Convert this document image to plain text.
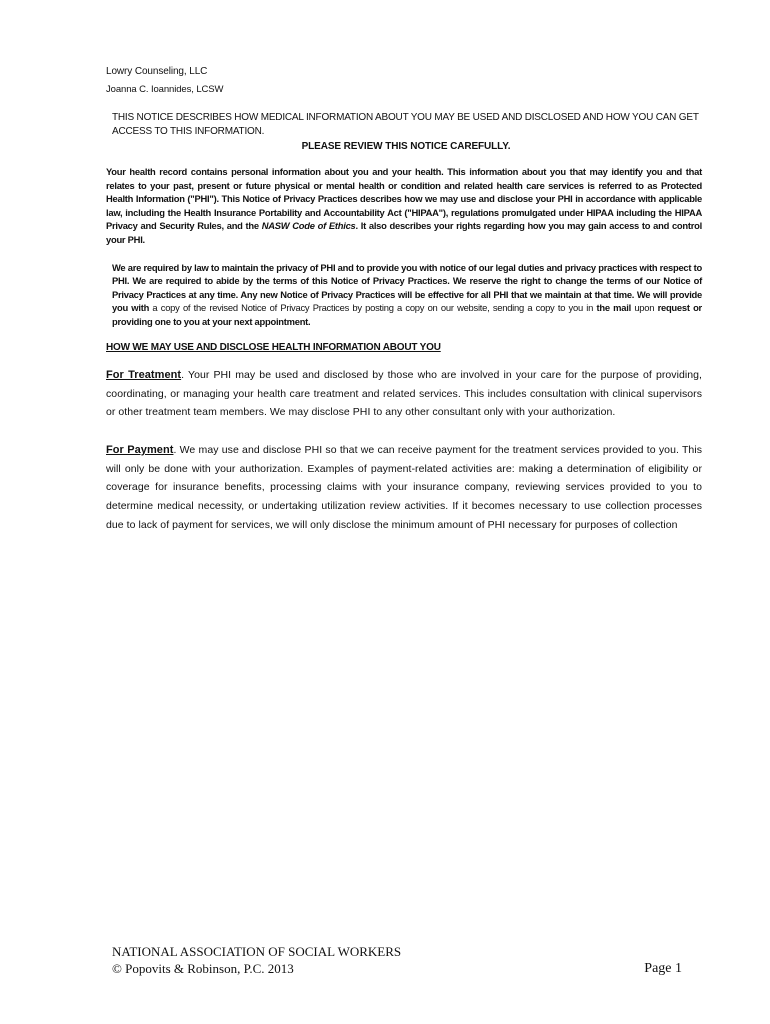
Lowry Counseling, LLC
Joanna C. Ioannides, LCSW
THIS NOTICE DESCRIBES HOW MEDICAL INFORMATION ABOUT YOU MAY BE USED AND DISCLOSED AND HOW YOU CAN GET ACCESS TO THIS INFORMATION.
PLEASE REVIEW THIS NOTICE CAREFULLY.
Your health record contains personal information about you and your health. This information about you that may identify you and that relates to your past, present or future physical or mental health or condition and related health care services is referred to as Protected Health Information ("PHI"). This Notice of Privacy Practices describes how we may use and disclose your PHI in accordance with applicable law, including the Health Insurance Portability and Accountability Act ("HIPAA"), regulations promulgated under HIPAA including the HIPAA Privacy and Security Rules, and the NASW Code of Ethics. It also describes your rights regarding how you may gain access to and control your PHI.
We are required by law to maintain the privacy of PHI and to provide you with notice of our legal duties and privacy practices with respect to PHI. We are required to abide by the terms of this Notice of Privacy Practices. We reserve the right to change the terms of our Notice of Privacy Practices at any time. Any new Notice of Privacy Practices will be effective for all PHI that we maintain at that time. We will provide you with a copy of the revised Notice of Privacy Practices by posting a copy on our website, sending a copy to you in the mail upon request or providing one to you at your next appointment.
HOW WE MAY USE AND DISCLOSE HEALTH INFORMATION ABOUT YOU
For Treatment. Your PHI may be used and disclosed by those who are involved in your care for the purpose of providing, coordinating, or managing your health care treatment and related services. This includes consultation with clinical supervisors or other treatment team members. We may disclose PHI to any other consultant only with your authorization.
For Payment. We may use and disclose PHI so that we can receive payment for the treatment services provided to you. This will only be done with your authorization. Examples of payment-related activities are: making a determination of eligibility or coverage for insurance benefits, processing claims with your insurance company, reviewing services provided to you to determine medical necessity, or undertaking utilization review activities. If it becomes necessary to use collection processes due to lack of payment for services, we will only disclose the minimum amount of PHI necessary for purposes of collection
NATIONAL ASSOCIATION OF SOCIAL WORKERS
© Popovits & Robinson, P.C. 2013	Page 1
